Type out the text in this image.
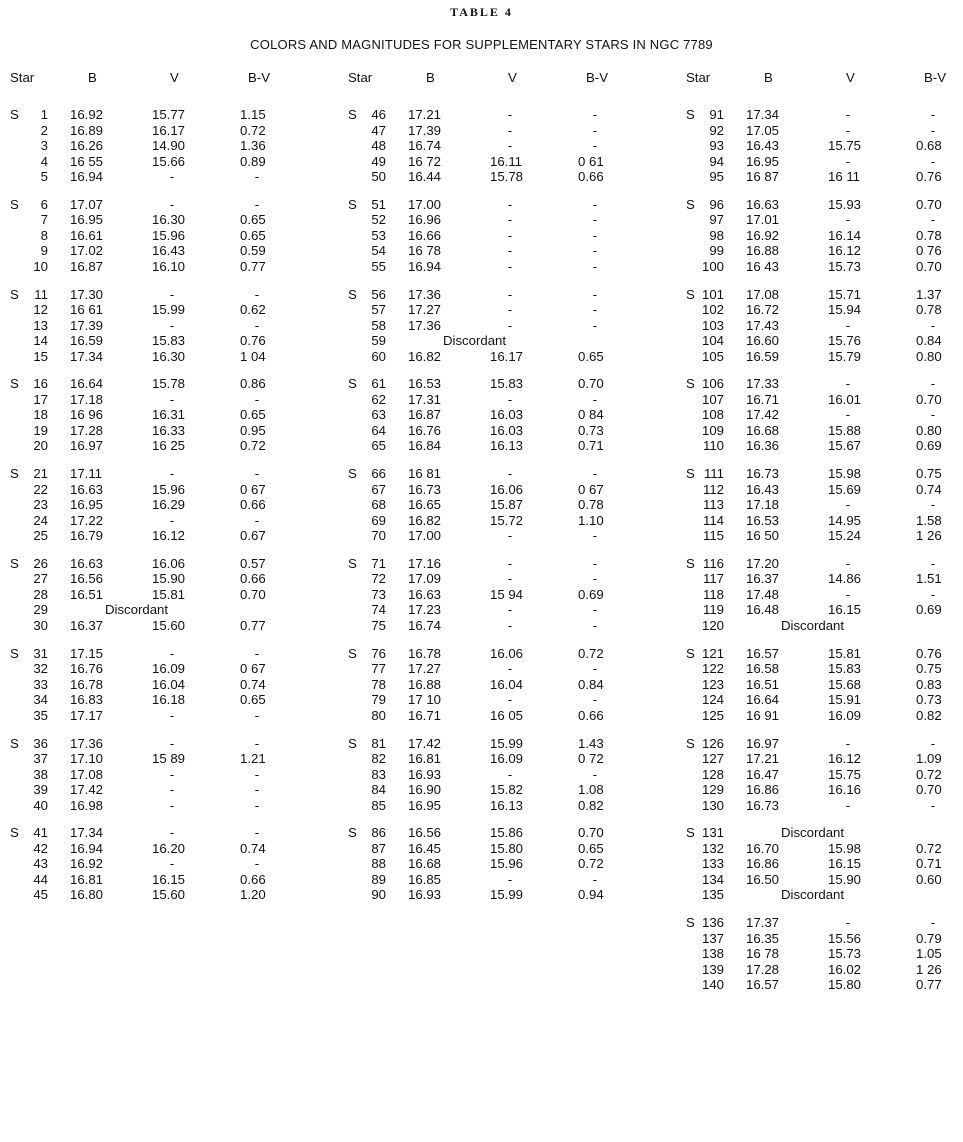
TABLE 4
COLORS AND MAGNITUDES FOR SUPPLEMENTARY STARS IN NGC 7789
Star	B	V	B-V
S	1 16.92	15.77	1.15
2 16.89	16.17	0.72
3 16.26	14.90	1.36
4 16 55	15.66	0.89
5 16.94	-	-
S	6 17.07	-	-
7 16.95	16.30	0.65
8 16.61	15.96	0.65
9 17.02	16.43	0.59
10 16.87	16.10	0.77
S	11 17.30	-	-
12 16 61	15.99	0.62
13 17.39	-	-
14 16.59	15.83	0.76
15 17.34	16.30	1 04
S	16 16.64	15.78	0.86
17 17.18	-	-
18 16 96	16.31	0.65
19 17.28	16.33	0.95
20 16.97	16 25	0.72
S	21 17.11	-	-
22 16.63	15.96	0 67
23 16.95	16.29	0.66
24 17.22	-	-
25 16.79	16.12	0.67
S	26 16.63	16.06	0.57
27 16.56	15.90	0.66
28 16.51	15.81	0.70
29	Discordant
30 16.37	15.60	0.77
S	31 17.15	-	-
32 16.76	16.09	0 67
33 16.78	16.04	0.74
34 16.83	16.18	0.65
35 17.17	-	-
S	36 17.36	-	-
37 17.10	15 89	1.21
38 17.08	-	-
39 17.42	-	-
40 16.98	-	-
S	41 17.34	-	-
42 16.94	16.20	0.74
43 16.92	-	-
44 16.81	16.15	0.66
45 16.80	15.60	1.20
Star	B	V	B-V
S	46 17.21	-	-
47 17.39	-	-
48 16.74	-	-
49 16 72	16.11	0 61
50 16.44	15.78	0.66
S	51 17.00	-	-
52 16.96	-	-
53 16.66	-	-
54 16 78	-	-
55 16.94	-	-
S	56 17.36	-	-
57 17.27	-	-
58 17.36	-	-
59	Discordant
60 16.82	16.17	0.65
S	61 16.53	15.83	0.70
62 17.31	-	-
63 16.87	16.03	0 84
64 16.76	16.03	0.73
65 16.84	16.13	0.71
S	66 16 81	-	-
67 16.73	16.06	0 67
68 16.65	15.87	0.78
69 16.82	15.72	1.10
70 17.00	-	-
S	71 17.16	-	-
72 17.09	-	-
73 16.63	15 94	0.69
74 17.23	-	-
75 16.74	-	-
S	76 16.78	16.06	0.72
77 17.27	-	-
78 16.88	16.04	0.84
79 17 10	-	-
80 16.71	16 05	0.66
S	81 17.42	15.99	1.43
82 16.81	16.09	0 72
83 16.93	-	-
84 16.90	15.82	1.08
85 16.95	16.13	0.82
S	86 16.56	15.86	0.70
87 16.45	15.80	0.65
88 16.68	15.96	0.72
89 16.85	-	-
90 16.93	15.99	0.94
Star	B	V	B-V
S	91 17.34	-	-
92 17.05	-	-
93 16.43	15.75	0.68
94 16.95	-	-
95 16 87	16 11	0.76
S	96 16.63	15.93	0.70
97 17.01	-	-
98 16.92	16.14	0.78
99 16.88	16.12	0 76
100 16 43	15.73	0.70
S 101 17.08	15.71	1.37
102 16.72	15.94	0.78
103 17.43	-	-
104 16.60	15.76	0.84
105 16.59	15.79	0.80
S 106 17.33	-	-
107 16.71	16.01	0.70
108 17.42	-	-
109 16.68	15.88	0.80
110 16.36	15.67	0.69
S 111 16.73	15.98	0.75
112 16.43	15.69	0.74
113 17.18	-	-
114 16.53	14.95	1.58
115 16 50	15.24	1 26
S 116 17.20	-	-
117 16.37	14.86	1.51
118 17.48	-	-
119 16.48	16.15	0.69
120	Discordant
S 121 16.57	15.81	0.76
122 16.58	15.83	0.75
123 16.51	15.68	0.83
124 16.64	15.91	0.73
125 16 91	16.09	0.82
S 126 16.97	-	-
127 17.21	16.12	1.09
128 16.47	15.75	0.72
129 16.86	16.16	0.70
130 16.73	-	-
S 131	Discordant
132 16.70	15.98	0.72
133 16.86	16.15	0.71
134 16.50	15.90	0.60
135	Discordant
S 136 17.37	-	-
137 16.35	15.56	0.79
138 16 78	15.73	1.05
139 17.28	16.02	1 26
140 16.57	15.80	0.77
